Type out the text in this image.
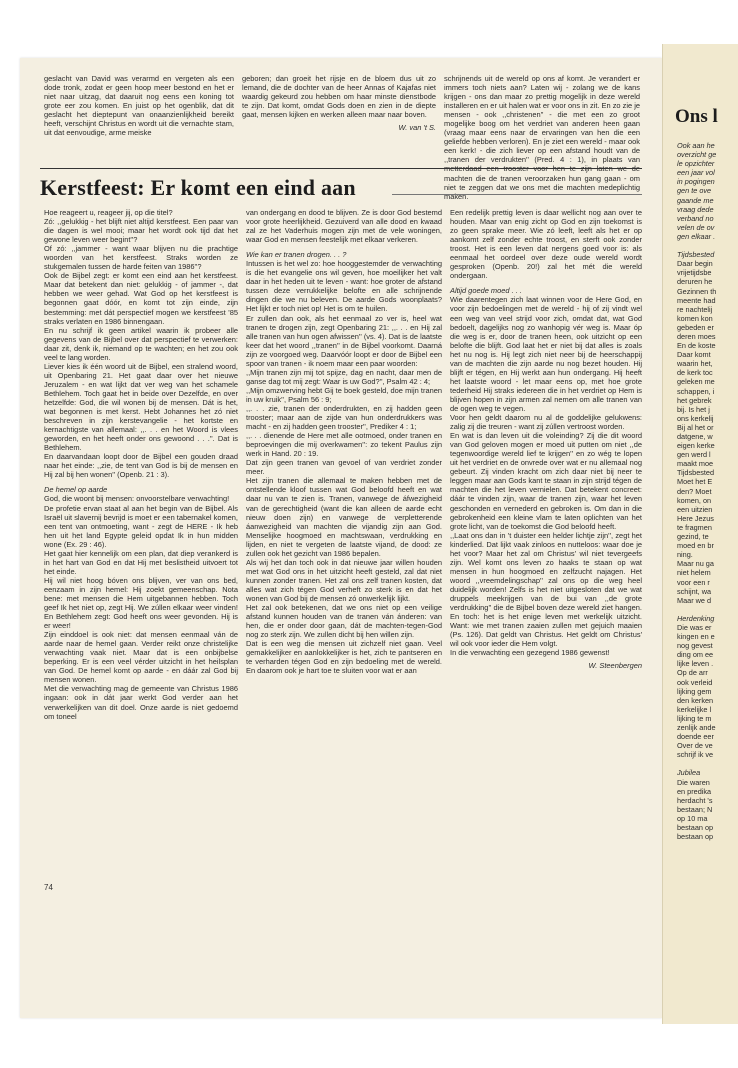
geslacht van David was verarmd en vergeten als een dode tronk, zodat er geen hoop meer bestond en het er niet naar uitzag, dat daaruit nog eens een koning tot grote eer zou komen. En juist op het ogenblik, dat dit geslacht het dieptepunt van onaanzienlijkheid bereikt heeft, verschijnt Christus en wordt uit die vernachte stam, uit dat eenvoudige, arme meiske

geboren; dan groeit het rijsje en de bloem dus uit zo lemand, die de dochter van de heer Annas of Kajafas niet waardig gekeurd zou hebben om haar minste dienstbode te zijn. Dat komt, omdat Gods doen en zien in de diepte gaat, mensen kijken en werken alleen maar naar boven.

W. van 't S.

schrijnends uit de wereld op ons af komt. Je verandert er immers toch niets aan? Laten wij - zolang we de kans krijgen - ons dan maar zo prettig mogelijk in deze wereld installeren en er uit halen wat er voor ons in zit. En zo zie je mensen - ook ,,christenen'' - die met een zo groot mogelijke boog om het verdriet van anderen heen gaan (vraag maar eens naar de ervaringen van hen die een geliefde hebben verloren). En je ziet een wereld - maar ook een kerk! - die zich liever op een afstand houdt van de ,,tranen der verdrukten'' (Pred. 4 : 1), in plaats van metterdaad een trooster voor hen te zijn laten we de machten die de tranen veroorzaken hun gang gaan - om niet te zeggen dat we ons met die machten medeplichtig maken.

Kerstfeest: Er komt een eind aan

Hoe reageert u, reageer jij, op die titel?

Zó: ,,gelukkig - het blijft niet altijd kerstfeest. Een paar van die dagen is wel mooi; maar het wordt ook tijd dat het gewone leven weer begint''?

Of zó: ,,jammer - want waar blijven nu die prachtige woorden van het kerstfeest. Straks worden ze stukgemalen tussen de harde feiten van 1986''?

Ook de Bijbel zegt: er komt een eind aan het kerstfeest. Maar dat betekent dan niet: gelukkig - of jammer -, dat hebben we weer gehad. Wat God op het kerstfeest is begonnen gaat dóór, en komt tot zijn einde, zijn bestemming: met dát perspectief mogen we kerstfeest '85 straks verlaten en 1986 binnengaan.

En nu schrijf ik geen artikel waarin ik probeer alle gegevens van de Bijbel over dat perspectief te verwerken: daar zit, denk ik, niemand op te wachten; en het zou ook veel te lang worden.

Liever kies ik één woord uit de Bijbel, een stralend woord, uit Openbaring 21. Het gaat daar over het nieuwe Jeruzalem - en wat lijkt dat ver weg van het schamele Bethlehem. Toch gaat het in beide over Dezelfde, en over hetzelfde: God, die wil wonen bij de mensen. Dát is het, wat begonnen is met kerst. Hebt Johannes het zó niet beschreven in zijn kerstevangelie - het kortste en kernachtigste van allemaal: ,,. . . en het Woord is vlees geworden, en het heeft onder ons gewoond . . .''. Dat is Bethlehem.

En daarvandaan loopt door de Bijbel een gouden draad naar het einde: ,,zie, de tent van God is bij de mensen en Hij zal bij hen wonen'' (Openb. 21 : 3).

De hemel op aarde

God, die woont bij mensen: onvoorstelbare verwachting!

De profetie ervan staat al aan het begin van de Bijbel. Als Israël uit slavernij bevrijd is moet er een tabernakel komen, een tent van ontmoeting, want - zegt de HERE - Ik heb hen uit het land Egypte geleid opdat Ik in hun midden wone (Ex. 29 : 46).

Het gaat hier kennelijk om een plan, dat diep verankerd is in het hart van God en dat Hij met beslistheid uitvoert tot het einde.

Hij wil niet hoog bóven ons blijven, ver van ons bed, eenzaam in zijn hemel: Hij zoekt gemeenschap. Nota bene: met mensen die Hem uitgebannen hebben. Toch geef Ik het niet op, zegt Hij. We zúllen elkaar weer vinden! En Bethlehem zegt: God heeft ons weer gevonden. Hij is er weer!

Zijn einddoel is ook niet: dat mensen eenmaal ván de aarde naar de hemel gaan. Verder reikt onze christelijke verwachting vaak niet. Maar dat is een onbijbelse beperking. Er is een veel vérder uitzicht in het heilsplan van God. De hemel komt op aarde - en dáár zal God bij mensen wonen.

Met die verwachting mag de gemeente van Christus 1986 ingaan: ook in dát jaar werkt God verder aan het verwerkelijken van dit doel. Onze aarde is niet gedoemd om toneel

van ondergang en dood te blijven. Ze is door God bestemd voor grote heerlijkheid. Gezuiverd van alle dood en kwaad zal ze het Vaderhuis mogen zijn met de vele woningen, waar God en mensen feestelijk met elkaar verkeren.

Wie kan er tranen drogen. . . ?

Intussen is het wel zo: hoe hooggestemder de verwachting is die het evangelie ons wil geven, hoe moeilijker het valt daar in het heden uit te leven - want: hoe groter de afstand tussen deze verrukkelijke belofte en alle schrijnende dingen die we nu beleven. De aarde Gods woonplaats? Het lijkt er toch niet op! Het is om te huilen.

Er zullen dan ook, als het eenmaal zo ver is, heel wat tranen te drogen zijn, zegt Openbaring 21: ,,. . . en Hij zal alle tranen van hun ogen afwissen'' (vs. 4). Dat is de laatste keer dat het woord ,,tranen'' in de Bijbel voorkomt. Daarná zijn ze voorgoed weg. Daarvóór loopt er door de Bijbel een spoor van tranen - ik noem maar een paar woorden:

,,Mijn tranen zijn mij tot spijze, dag en nacht, daar men de ganse dag tot mij zegt: Waar is uw God?'', Psalm 42 : 4;

,,Mijn omzwerving hebt Gij te boek gesteld, doe mijn tranen in uw kruik'', Psalm 56 : 9;

,,. . . zie, tranen der onderdrukten, en zij hadden geen trooster; maar aan de zijde van hun onderdrukkers was macht - en zij hadden geen trooster'', Prediker 4 : 1;

,,. . . dienende de Here met alle ootmoed, onder tranen en beproevingen die mij overkwamen'': zo tekent Paulus zijn werk in Hand. 20 : 19.

Dat zijn geen tranen van gevoel of van verdriet zonder meer.

Het zijn tranen die allemaal te maken hebben met de ontstellende kloof tussen wat God beloofd heeft en wat daar nu van te zien is. Tranen, vanwege de áfwezigheid van de gerechtigheid (want die kan alleen de aarde echt nieuw doen zijn) en vanwege de verpletterende áanwezigheid van machten die vijandig zijn aan God. Menselijke hoogmoed en machtswaan, verdrukking en lijden, en niet te vergeten de laatste vijand, de dood: ze zullen ook het gezicht van 1986 bepalen.

Als wij het dan toch ook in dat nieuwe jaar willen houden met wat God ons in het uitzicht heeft gesteld, zal dat niet kunnen zonder tranen. Het zal ons zelf tranen kosten, dat alles wat zich tégen God verheft zo sterk is en dat het wonen van God bij de mensen zó onwerkelijk lijkt.

Het zal ook betekenen, dat we ons niet op een veilige afstand kunnen houden van de tranen ván ánderen: van hen, die er onder door gaan, dát de machten-tegen-God nog zo sterk zijn. We zullen dicht bij hen willen zijn.

Dat is een weg die mensen uit zichzelf niet gaan. Veel gemakkelijker en aanlokkelijker is het, zich te pantseren en te verharden tégen God en zijn bedoeling met de wereld. En daarom ook je hart toe te sluiten voor wat er aan

Een redelijk prettig leven is daar wellicht nog aan over te houden. Maar van enig zicht op God en zijn toekomst is zo geen sprake meer. Wie zó leeft, leeft als het er op aankomt zelf zonder echte troost, en sterft ook zonder troost. Het is een leven dat nergens goed voor is: als eenmaal het oordeel over deze oude wereld wordt gesproken (Openb. 20!) zal het mét die wereld ondergaan.

Altijd goede moed . . .

Wie daarentegen zich laat winnen voor de Here God, en voor zijn bedoelingen met de wereld - hij of zij vindt wel een weg van veel strijd voor zich, omdat dat, wat God bedoelt, dagelijks nog zo wanhopig vér weg is. Maar óp die weg is er, door de tranen heen, ook uitzicht op een belofte die blijft. God laat het er niet bij dat alles is zoals het nu nog is. Hij legt zich niet neer bij de heerschappij van de machten die zijn aarde nu nog bezet houden. Hij blijft er tégen, en Hij werkt aan hun ondergang. Hij heeft het laatste woord - let maar eens op, met hoe grote tederheid Hij straks iedereen die in het verdriet op Hem is blijven hopen in zijn armen zal nemen om alle tranen van de ogen weg te vegen.

Voor hen geldt daarom nu al de goddelijke gelukwens: zalig zij die treuren - want zij zúllen vertroost worden.

En wat is dan leven uit die voleinding? Zij die dit woord van God geloven mogen er moed uit putten om niet ,,de tegenwoordige wereld lief te krijgen'' en zo wég te lopen uit het verdriet en de onvrede over wat er nu allemaal nog gebeurt. Zij vinden kracht om zich daar niet bij neer te leggen maar aan Gods kant te staan in zijn strijd tégen de machten die het leven vernielen. Dat betekent concreet: dáár te vinden zijn, waar de tranen zijn, waar het leven geschonden en vernederd en gebroken is. Om dan in die gebrokenheid een kleine vlam te laten oplichten van het grote licht, van de toekomst die God beloofd heeft.

,,Laat ons dan in 't duister een helder lichtje zijn'', zegt het kinderlied. Dat lijkt vaak zinloos en nutteloos: waar doe je het voor? Maar het zal om Christus' wil niet tevergeefs zijn. Wel komt ons leven zo haaks te staan op wat mensen in hun hoogmoed en zelfzucht najagen. Het woord ,,vreemdelingschap'' zal ons op die weg heel duidelijk worden! Zelfs is het niet uitgesloten dat we wat druppels meekrijgen van de bui van ,,de grote verdrukking'' die de Bijbel boven deze wereld ziet hangen. En toch: het is het enige leven met werkelijk uitzicht. Want: wie met tranen zaaien zullen met gejuich maaien (Ps. 126). Dat geldt van Christus. Het geldt om Christus' wil ook voor ieder die Hem volgt.

In die verwachting een gezegend 1986 gewenst!

W. Steenbergen
74
Ons l
Ook aan he
overzicht ge
le opzichter
een jaar vol
in pogingen
gen te ove
gaande me
vraag dede
verband no
velen de ov
gen elkaar .
Tijdsbested
Daar begin
vrijetijdsbe
deruren he
Gezinnen th
meente had
re nachtelij
komen kon
gebeden er
deren moes
En de koste
Daar komt
waarin het,
de kerk toc
geleken me
schappen, i
het gebrek
bij. Is het j
ons kerkelij
Bij al het or
datgene, w
eigen kerke
gen werd l
maakt moe
Tijdsbested
Moet het E
den? Moet
komen, on
een uitzien
Here Jezus
te fragmen
gezind, te
moed en br
ning.
Maar nu ga
niet helem
voor een r
schijnt, wa
Maar we d
Herdenking
Die was er
kingen en e
nog gevest
ding om ee
lijke leven .
Op de arr
ook verleid
lijking gem
den kerken
kerkelijke l
lijking te m
zenlijk ande
doende eer
Over de ve
schrijf ik ve
Jubilea
Die waren
en predika
herdacht 's
bestaan; N
op 10 ma
bestaan op
bestaan op
